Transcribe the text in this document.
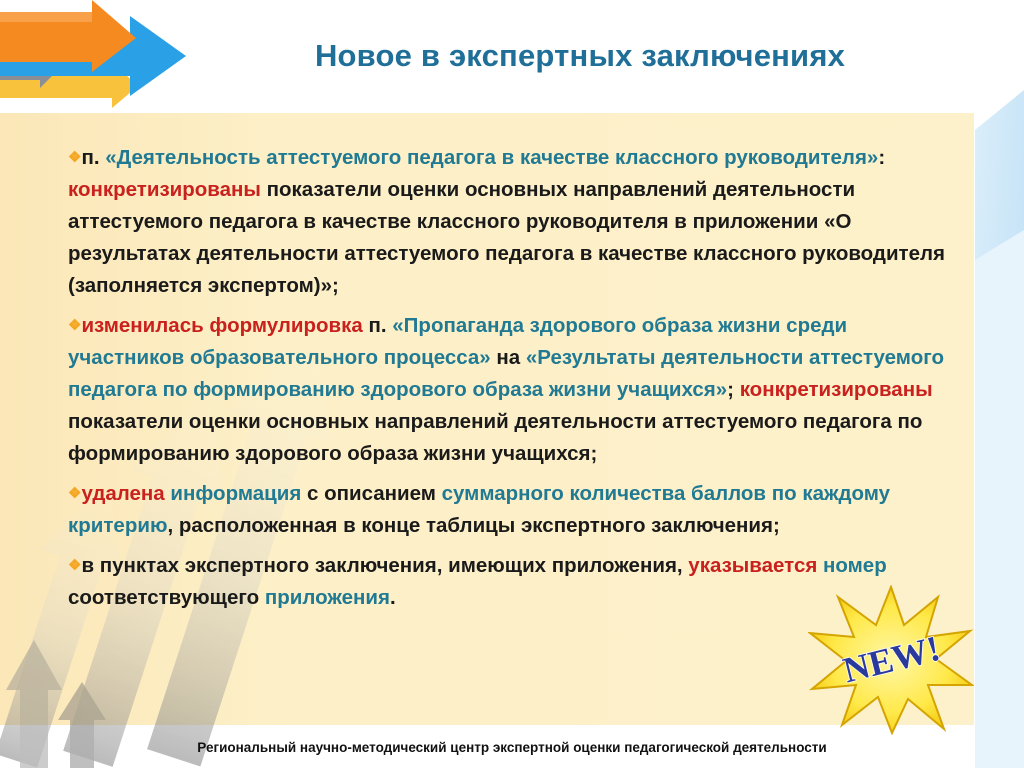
Новое в экспертных заключениях
❖п. «Деятельность аттестуемого педагога в качестве классного руководителя»: конкретизированы показатели оценки основных направлений деятельности аттестуемого педагога в качестве классного руководителя в приложении «О результатах деятельности аттестуемого педагога в качестве классного руководителя (заполняется экспертом)»;
❖изменилась формулировка п. «Пропаганда здорового образа жизни среди участников образовательного процесса» на «Результаты деятельности аттестуемого педагога по формированию здорового образа жизни учащихся»; конкретизированы показатели оценки основных направлений деятельности аттестуемого педагога по формированию здорового образа жизни учащихся;
❖удалена информация с описанием суммарного количества баллов по каждому критерию, расположенная в конце таблицы экспертного заключения;
❖в пунктах экспертного заключения, имеющих приложения, указывается номер соответствующего приложения.
NEW!
Региональный научно-методический центр экспертной оценки педагогической деятельности
